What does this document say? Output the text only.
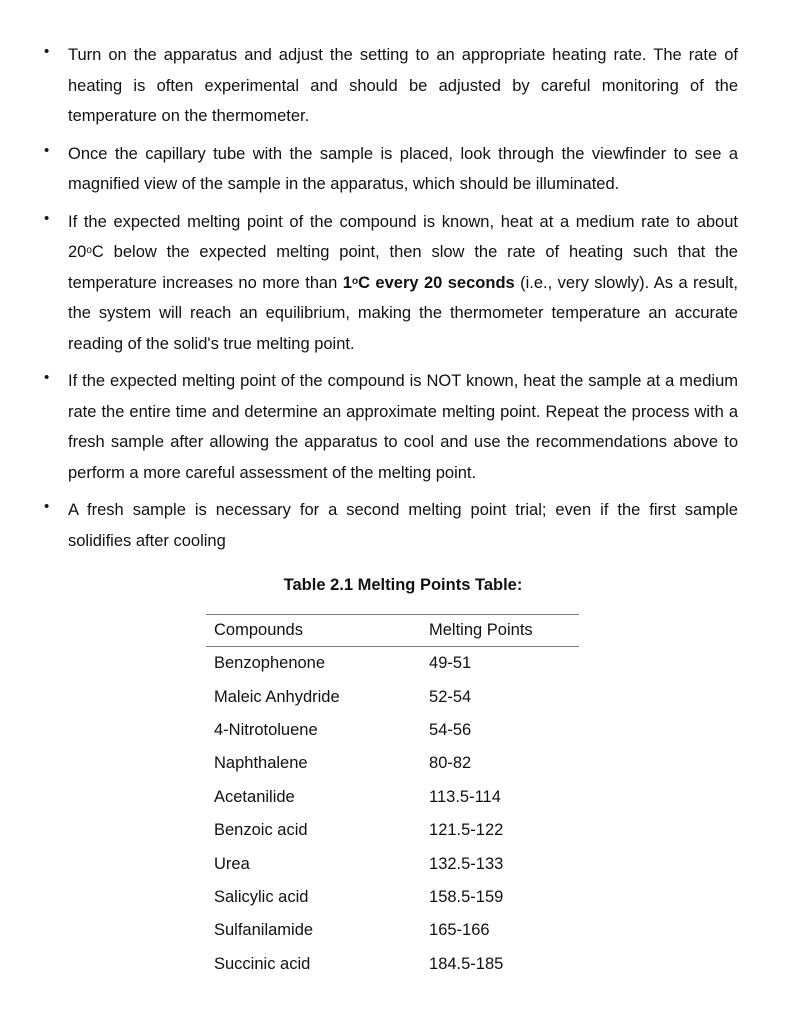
• Turn on the apparatus and adjust the setting to an appropriate heating rate. The rate of heating is often experimental and should be adjusted by careful monitoring of the temperature on the thermometer.
• Once the capillary tube with the sample is placed, look through the viewfinder to see a magnified view of the sample in the apparatus, which should be illuminated.
• If the expected melting point of the compound is known, heat at a medium rate to about 20$^o$C below the expected melting point, then slow the rate of heating such that the temperature increases no more than 1$^o$C every 20 seconds (i.e., very slowly). As a result, the system will reach an equilibrium, making the thermometer temperature an accurate reading of the solid's true melting point.
• If the expected melting point of the compound is NOT known, heat the sample at a medium rate the entire time and determine an approximate melting point. Repeat the process with a fresh sample after allowing the apparatus to cool and use the recommendations above to perform a more careful assessment of the melting point.
• A fresh sample is necessary for a second melting point trial; even if the first sample solidifies after cooling
Table 2.1 Melting Points Table:
Compounds	Melting Points
Benzophenone	49-51
Maleic Anhydride	52-54
4-Nitrotoluene	54-56
Naphthalene	80-82
Acetanilide	113.5-114
Benzoic acid	121.5-122
Urea	132.5-133
Salicylic acid	158.5-159
Sulfanilamide	165-166
Succinic acid	184.5-185
